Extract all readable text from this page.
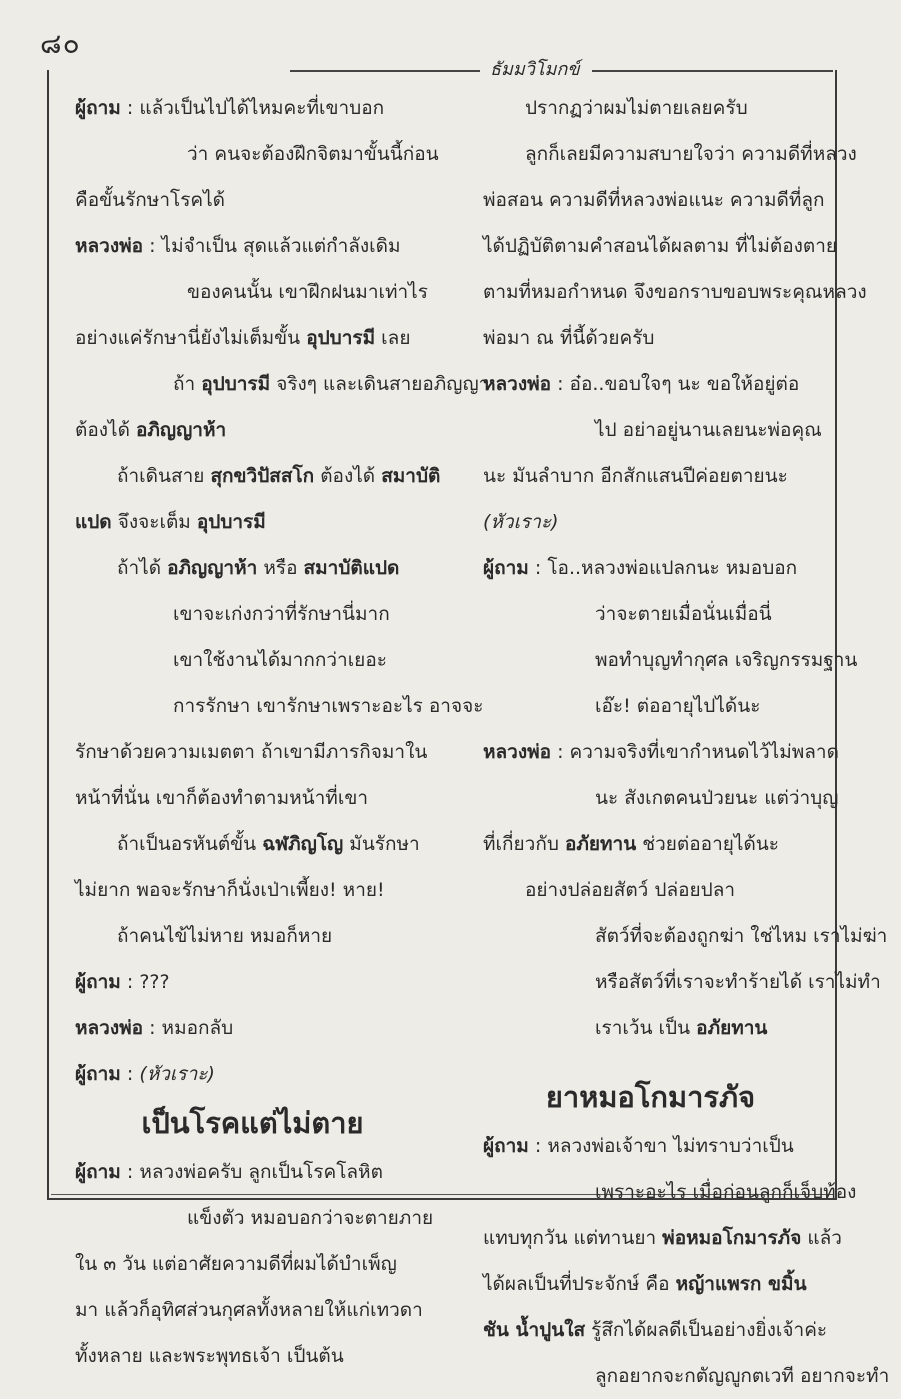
๘๐
ธัมมวิโมกข์
ผู้ถาม : แล้วเป็นไปได้ไหมคะที่เขาบอก
ว่า คนจะต้องฝึกจิตมาขั้นนี้ก่อน
คือขั้นรักษาโรคได้
หลวงพ่อ : ไม่จำเป็น สุดแล้วแต่กำลังเดิม
ของคนนั้น เขาฝึกฝนมาเท่าไร
อย่างแค่รักษานี่ยังไม่เต็มขั้น อุปบารมี เลย
ถ้า อุปบารมี จริงๆ และเดินสายอภิญญา
ต้องได้ อภิญญาห้า
ถ้าเดินสาย สุกขวิปัสสโก ต้องได้ สมาบัติ
แปด จึงจะเต็ม อุปบารมี
ถ้าได้ อภิญญาห้า หรือ สมาบัติแปด
เขาจะเก่งกว่าที่รักษานี่มาก
เขาใช้งานได้มากกว่าเยอะ
การรักษา เขารักษาเพราะอะไร อาจจะ
รักษาด้วยความเมตตา ถ้าเขามีภารกิจมาใน
หน้าที่นั่น เขาก็ต้องทำตามหน้าที่เขา
ถ้าเป็นอรหันต์ขั้น ฉฬภิญโญ มันรักษา
ไม่ยาก พอจะรักษาก็นั่งเป่าเพี้ยง! หาย!
ถ้าคนไข้ไม่หาย หมอก็หาย
ผู้ถาม : ???
หลวงพ่อ : หมอกลับ
ผู้ถาม : (หัวเราะ)
เป็นโรคแต่ไม่ตาย
ผู้ถาม : หลวงพ่อครับ ลูกเป็นโรคโลหิต
แข็งตัว หมอบอกว่าจะตายภาย
ใน ๓ วัน แต่อาศัยความดีที่ผมได้บำเพ็ญ
มา แล้วก็อุทิศส่วนกุศลทั้งหลายให้แก่เทวดา
ทั้งหลาย และพระพุทธเจ้า เป็นต้น
ปรากฏว่าผมไม่ตายเลยครับ
ลูกก็เลยมีความสบายใจว่า ความดีที่หลวง
พ่อสอน ความดีที่หลวงพ่อแนะ ความดีที่ลูก
ได้ปฏิบัติตามคำสอนได้ผลตาม ที่ไม่ต้องตาย
ตามที่หมอกำหนด จึงขอกราบขอบพระคุณหลวง
พ่อมา ณ ที่นี้ด้วยครับ
หลวงพ่อ : อ๋อ..ขอบใจๆ นะ ขอให้อยู่ต่อ
ไป อย่าอยู่นานเลยนะพ่อคุณ
นะ มันลำบาก อีกสักแสนปีค่อยตายนะ
(หัวเราะ)
ผู้ถาม : โอ..หลวงพ่อแปลกนะ หมอบอก
ว่าจะตายเมื่อนั่นเมื่อนี่
พอทำบุญทำกุศล เจริญกรรมฐาน
เอ๊ะ! ต่ออายุไปได้นะ
หลวงพ่อ : ความจริงที่เขากำหนดไว้ไม่พลาด
นะ สังเกตคนป่วยนะ แต่ว่าบุญ
ที่เกี่ยวกับ อภัยทาน ช่วยต่ออายุได้นะ
อย่างปล่อยสัตว์ ปล่อยปลา
สัตว์ที่จะต้องถูกฆ่า ใช่ไหม เราไม่ฆ่า
หรือสัตว์ที่เราจะทำร้ายได้ เราไม่ทำ
เราเว้น เป็น อภัยทาน
ยาหมอโกมารภัจ
ผู้ถาม : หลวงพ่อเจ้าขา ไม่ทราบว่าเป็น
เพราะอะไร เมื่อก่อนลูกก็เจ็บท้อง
แทบทุกวัน แต่ทานยา พ่อหมอโกมารภัจ แล้ว
ได้ผลเป็นที่ประจักษ์ คือ หญ้าแพรก ขมิ้น
ชัน น้ำปูนใส รู้สึกได้ผลดีเป็นอย่างยิ่งเจ้าค่ะ
ลูกอยากจะกตัญญูกตเวที อยากจะทำ
